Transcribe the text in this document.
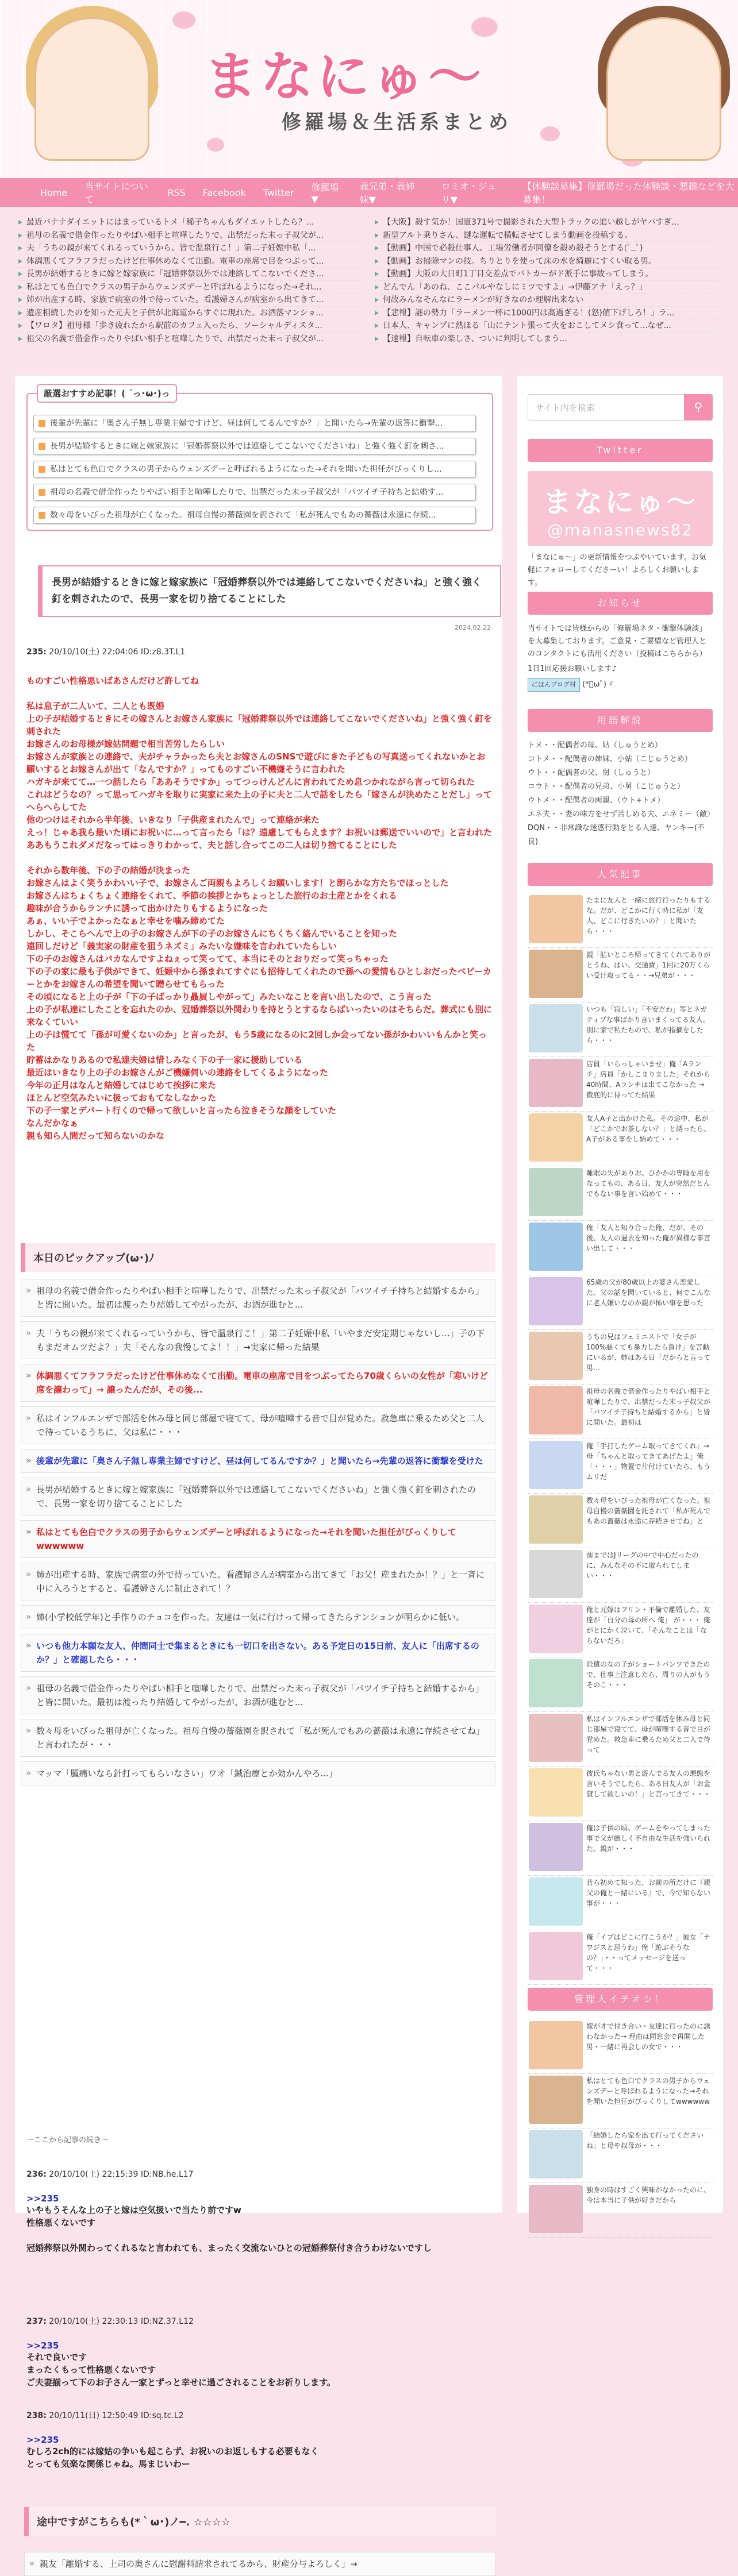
まなにゅ〜
修羅場＆生活系まとめ
Home
当サイトについて
RSS Facebook Twitter 修羅場▼
義兄弟・義姉妹▼
ロミオ・ジュリ▼
【体験談募集】修羅場だった体験談・悪趣などを大募集！
最近バナナダイエットにはまっているトメ「稀子ちゃんもダイエットしたら？...
祖母の名義で借金作ったりやばい相手と喧嘩したりで、出禁だった末っ子叔父が...
夫「うちの親が来てくれるっていうから、皆で温泉行こ！」第二子妊娠中私「...
体調悪くてフラフラだったけど仕事休めなくて出勤。電車の座席で目をつぶって...
長男が結婚するときに嫁と嫁家族に「冠婚葬祭以外では連絡してこないでくださ...
私はとても色白でクラスの男子からウェンズデーと呼ばれるようになった→それ...
姉が出産する時、家族で病室の外で待っていた。看護婦さんが病室から出てきて...
遺産相続したのを知った元夫と子供が北海道からすぐに現れた。お酒落マンショ...
【ワロタ】祖母様「歩き疲れたから駅前のカフェ入ったら、ソーシャルディスタ...
祖父の名義で借金作ったりやばい相手と喧嘩したりで、出禁だった末っ子叔父が...
【大阪】殺す気か！国道371号で撮影された大型トラックの追い越しがヤバすぎ...
新型アルト乗りさん、謎な運転で横転させてしまう動画を投稿する。
【動画】中国で必殺仕事人、工場労働者が同僚を殺め殺そうとする(ﾟ_ﾟ)
【動画】お掃除マンの技。ちりとりを使って床の水を綺麗にすくい取る男。
【動画】大阪の大日町1丁目交差点でバトカーがド派手に事故ってしまう。
どんでん「あのね、ここパルやなしにミツですよ」→伊藤アナ「えっ？」
何故みんなそんなにラーメンが好きなのか理解出来ない
【悲報】謎の勢力「ラーメン一杯に1000円は高過ぎる！(怒)値下げしろ！」ラ...
日本人、キャンプに熱ほる「山にテント張って火をおこしてメシ食って...なぜ...
【速報】自転車の楽しさ、ついに判明してしまう...
厳選おすすめ記事！( ´っ･ω･)っ
後輩が先輩に「奥さん子無し専業主婦ですけど、昼は何してるんですか？」と聞いたら→先輩の返答に衝撃...
長男が結婚するときに嫁と嫁家族に「冠婚葬祭以外では連絡してこないでくださいね」と強く強く釘を刺さ...
私はとても色白でクラスの男子からウェンズデーと呼ばれるようになった→それを聞いた担任がびっくりし...
祖母の名義で借金作ったりやばい相手と喧嘩したりで、出禁だった末っ子叔父が「パツイチ子持ちと結婚す...
数々母をいびった祖母が亡くなった。祖母自慢の薔薇園を訳されて「私が死んでもあの薔薇は永遠に存続...
長男が結婚するときに嫁と嫁家族に「冠婚葬祭以外では連絡してこないでくださいね」と強く強く釘を刺されたので、長男一家を切り捨てることにした
2024.02.22
235: 20/10/10(土) 22:04:06 ID:z8.3T.L1

ものすごい性格悪いばあさんだけど許してね

私は息子が二人いて、二人とも既婚

上の子が結婚するときにその嫁さんとお嫁さん家族に「冠婚葬祭以外では連絡してこないでくださいね」と強く強く釘を刺された

お嫁さんのお母様が嫁姑問題で相当苦労したらしい

お嫁さんが家族との連絡で、夫がチャラかったら夫とお嫁さんのSNSで遊びにきた子どもの写真送ってくれないかとお願いするとお嫁さんが出て「なんですか？」ってものすごい不機嫌そうに言われた

ハガキが来てて…一つ話したら「ああそうですか」ってつっけんどんに言われてため息つかれながら言って切られた

これはどうなの？って思ってハガキを取りに実家に来た上の子に夫と二人で話をしたら「嫁さんが決めたことだし」ってへらへらしてた

他のつけはそれから半年後、いきなり「子供産まれたんで」って連絡が来た

えっ！じゃあ我ら最いた頃にお祝いに…って言ったら「は？遠慮してもらえます？お祝いは郵送でいいので」と言われた

ああもうこれダメだなってはっきりわかって、夫と話し合ってこの二人は切り捨てることにした

それから数年後、下の子の結婚が決まった

お嫁さんはよく笑うかわいい子で、お嫁さんご両親もよろしくお願いします！と朗らかな方たちでほっとした

お嫁さんはちょくちょく連絡をくれて、季節の挨拶とかちょっとした旅行のお土産とかをくれる

趣味が合うからランチに誘って出かけたりもするようになった

あぁ、いい子でよかったなぁと幸せを噛み締めてた

しかし、そこらへんで上の子のお嫁さんが下の子のお嫁さんにちくちく絡んでいることを知った

遠回しだけど「義実家の財産を狙うネズミ」みたいな嫌味を言われていたらしい

下の子のお嫁さんはバカなんですよねぇって笑ってて、本当にそのとおりだって笑っちゃった

下の子の家に最も子供ができて、妊娠中から孫まれてすぐにも招待してくれたので孫への愛情もひとしおだったベビーカーとかをお嫁さんの希望を聞いて贈らせてもらった

その頃になると上の子が「下の子ばっかり贔屓しやがって」みたいなことを言い出したので、こう言った

上の子が私達にしたことを忘れたのか、冠婚葬祭以外関わりを持とうとするならばいったいのはそちらだ。葬式にも別に来なくていい

上の子は慌てて「孫が可愛くないのか」と言ったが、もう5歳になるのに2回しか会ってない孫がかわいいもんかと笑った

貯蓄はかなりあるので私達夫婦は惜しみなく下の子一家に援助している

最近はいきなり上の子のお嫁さんがご機嫌伺いの連絡をしてくるようになった

今年の正月はなんと結婚してはじめて挨拶に来た

ほとんど空気みたいに扱っておもてなしなかった

下の子一家とデパート行くので帰って欲しいと言ったら泣きそうな顔をしていた

なんだかなぁ

親も知ら人間だって知らないのかな

本日のピックアップ(ω･)ﾉ
» 祖母の名義で借金作ったりやばい相手と喧嘩したりで、出禁だった末っ子叔父が「バツイチ子持ちと結婚するから」と皆に開いた。最初は渡ったり結婚してやがったが、お酒が進むと...
» 夫「うちの親が来てくれるっていうから、皆で温泉行こ！」第二子妊娠中私「いやまだ安定期じゃないし…」子の下もまだオムツだよ？」夫「そんなの我慢してよ！！」→実家に帰った結果
» 体調悪くてフラフラだったけど仕事休めなくて出勤。電車の座席で目をつぶってたら70歳くらいの女性が「寒いけど席を譲わって」→ 譲ったんだが、その後...
» 私はインフルエンザで部活を休み母と同じ部屋で寝てて、母が喧嘩する音で目が覚めた。救急車に乗るため父と二人で待っているうちに、父は私に・・・
» 後輩が先輩に「奥さん子無し専業主婦ですけど、昼は何してるんですか？」と聞いたら→先輩の返答に衝撃を受けた
» 長男が結婚するときに嫁と嫁家族に「冠婚葬祭以外では連絡してこないでくださいね」と強く強く釘を刺されたので、長男一家を切り捨てることにした
» 私はとても色白でクラスの男子からウェンズデーと呼ばれるようになった→それを聞いた担任がびっくりしてwwwwww
» 姉が出産する時、家族で病室の外で待っていた。看護婦さんが病室から出てきて「お父！産まれたか！？」と一斉に中に入ろうとすると、看護婦さんに制止されて！？
» 姉(小学校低学年)と手作りのチョコを作った。友達は一気に行けって帰ってきたらテンションが明らかに低い。
» いつも他力本願な友人、仲間同士で集まるときにも一切口を出さない。ある予定日の15日前、友人に「出席するのか？」と確認したら・・・
» 祖母の名義で借金作ったりやばい相手と喧嘩したりで、出禁だった末っ子叔父が「パツイチ子持ちと結婚するから」と皆に開いた。最初は渡ったり結婚してやがったが、お酒が進むと...
» 数々母をいびった祖母が亡くなった。祖母自慢の薔薇園を訳されて「私が死んでもあの薔薇は永遠に存続させてね」と言われたが・・・
» マッマ「腫痛いなら針打ってもらいなさい」ワオ「鍼治療とか効かんやろ...」
〜ここから記事の続き〜
236: 20/10/10(土) 22:15:39 ID:NB.he.L17
>>235

いやもうそんな上の子と嫁は空気扱いで当たり前ですw

性格悪くないです

冠婚葬祭以外関わってくれるなと言われても、まったく交流ないひとの冠婚葬祭付き合うわけないですし

237: 20/10/10(土) 22:30:13 ID:NZ.37.L12
>>235

それで良いです

まったくもって性格悪くないです

ご夫妻揃って下のお子さん一家とずっと幸せに過ごされることをお祈りします。

238: 20/10/11(日) 12:50:49 ID:sq.tc.L2
>>235

むしろ2ch的には嫁姑の争いも起こらず、お祝いのお返しもする必要もなく

とっても気楽な関係じゃね。馬まじいわー

途中ですがこちらも(*｀ω･)ノ━. ☆☆☆☆
» 親友「離婚する、上司の奥さんに慰謝料請求されてるから、財産分与よろしく」→
サイト内を検索	⚲
Twitter
まなにゅ〜
@manasnews82
「まなにゅ〜」の更新情報をつぶやいています。お気軽にフォローしてくださーい！よろしくお願いします。
お知らせ
当サイトでは皆様からの「修羅場ネタ・衝撃体験談」を大募集しております。ご意見・ご要望など管理人とのコンタクトにも活用ください（投稿はこちらから）
1日1回応援お願いします♪
にほんブログ村 (*ﾟωﾟ)ゞ
用語解説
トメ・・配偶者の母、姑（しゅうとめ）
コトメ・・配偶者の姉妹、小姑（こじゅうとめ）
ウト・・配偶者の父、舅（しゅうと）
コウト・・配偶者の兄弟、小舅（こじゅうと）
ウトメ・・配偶者の両親、（ウト+トメ）
エネ夫・・妻の味方をせず苦しめる夫、エネミー（敵）
DQN・・非常識な迷惑行動をとる人達、ヤンキー(不良)
人気記事
たまに友人と一緒に旅行行ったりもするな。だが、どこかに行く時に私が「友人、どこに行きたいの？」と聞いたら・・・
親「詰いところ帰ってきてくれてありがとうね、はい、交通費」1回に20万くらい受け取ってる・・→兄弟が・・・
いつも「寂しい」「不安だわ」等とネガティブな事ばかり言いまくってる友人。別に家で私たちので、私が指摘をしたら・・・
店員「いらっしゃいませ」俺「Aランチ」店員「かしこまりました」それから40時間、Aランチは出てこなかった → 徹底的に待ってた結果
友人A子と出かけた私。その途中、私が「どこかでお茶しない？」と誘ったら、A子がある事をし始めて・・・
睡眠の失がありお、ひかかの専睡を用をなってもの、ある日、友人が突然だとんでもない事を言い始めて・・・
俺「友人と知り合った俺、だが、その後、友人の過去を知った俺が異様な事言い出して・・・
65歳の父が80歳以上の婆さん恋愛した。父の話を聞いていると、何でこんなに老人嫌いなのか親が怖い事を思った
うちの兄はフェミニストで「女子が100%悪くても暴力したら負け」を言動にいるが、姉はある日「だからと言って男…
祖母の名義で借金作ったりやばい相手と喧嘩したりで、出禁だった末っ子叔父が「バツイチ子持ちと結婚するから」と皆に開いた。最初は
俺「手打したゲーム取ってきてくれ」→ 母「ちゃんと取ってきてあげたよ」俺「・・・」物置で片付けていたら、もうムリだ
数々母をいびった祖母が亡くなった。祖母自慢の薔薇園を託されて「私が死んでもあの薔薇は永遠に存続させてね」と
前まではJリーグの中で中心だったのに、みんなその不に取られてしまい・・・
俺と元嫁はフリン・不倫で離婚した、友達が「自分の母の所へ 俺」 が・・・ 俺がとにかく泣いて、「そんなことは「ならないだろ」
派遣の女の子がショートバンツできたので、仕事上注意したら、周りの人がもうそのこ・・・
私はインフルエンザで部活を休み母と同じ部屋で寝てて、母が喧嘩する音で目が覚めた。救急車に乗るため父と二人で待って
彼氏ちゃない男と遊んでる友人の悪態を言いそうでしたら、ある日友人が「お金貸して欲しいの！」と言ってきて・・・
俺は子供の頃、ゲームをやってしまった事で父が厳しく不自由な生活を強いられた。親が・・・
昔ら初めて知った、お前の所だけに『親父の俺と一緒にいる』で、今で知らない事が・・・
俺「イプはどこに行こうか？」彼女「ナワジスと思うわ」俺「遊ぶそうなの？」・・ってメッセージを送って・・・
管理人イチオシ！
嫁が才で付き合い・友達に行ったのに誘わなかった→ 理由は同窓会で再開した男・一緒に再会しの女で・・・
私はとても色白でクラスの男子からウェンズデーと呼ばれるようになった→それを聞いた担任がびっくりしてwwwwww
「結婚したら家を出て行ってくださいね」と母や叔母が・・・
独身の時はすごく興味がなかったのに、今は本当に子供が好きだから
